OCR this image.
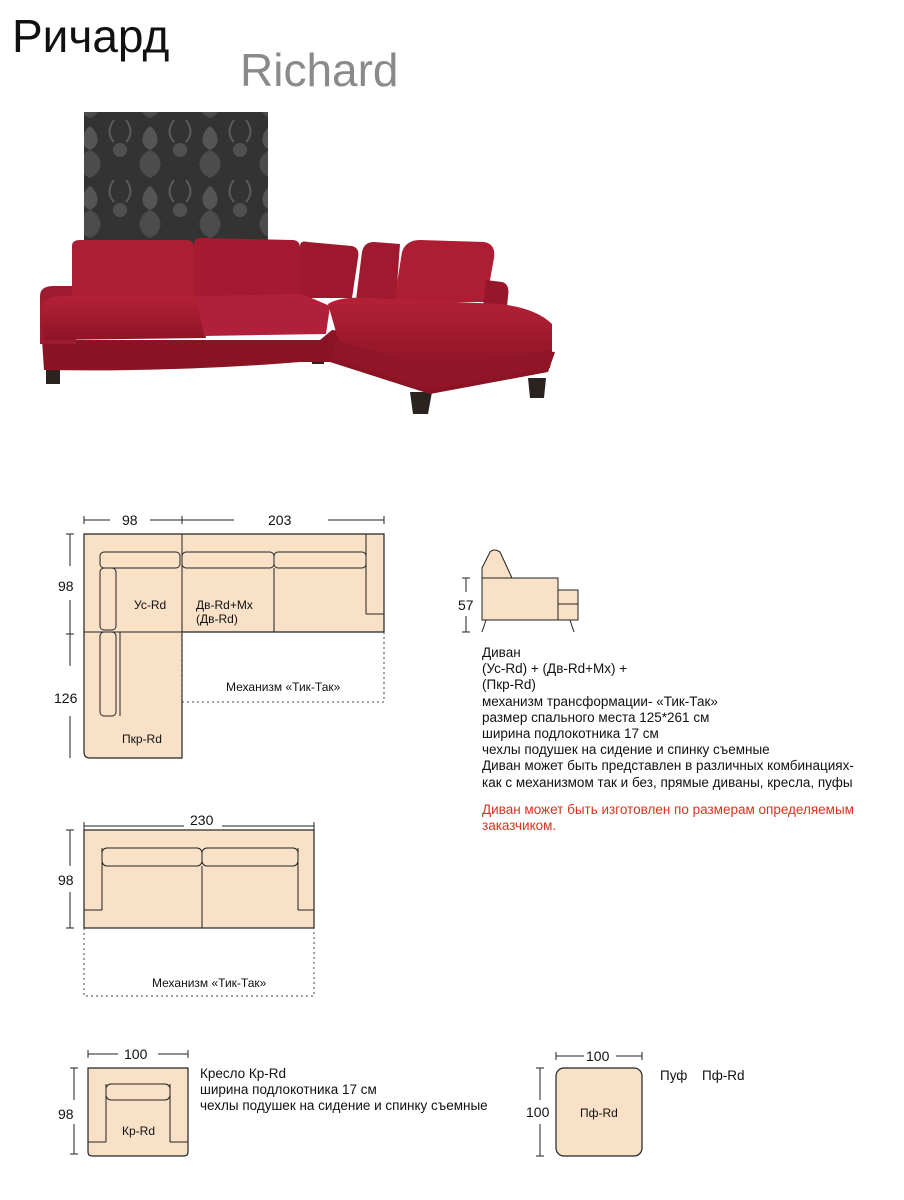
Ричард
Richard
98	203
98
126
Ус-Rd Дв-Rd+Мх
(Дв-Rd)
Пкр-Rd
Механизм «Тик-Так»
57
Диван
(Ус-Rd) + (Дв-Rd+Мх) +
(Пкр-Rd)
механизм трансформации- «Тик-Так»
размер спального места 125*261 см
ширина подлокотника 17 см
чехлы подушек на сидение и спинку съемные
Диван может быть представлен в различных комбинациях-
как с механизмом так и без, прямые диваны, кресла, пуфы
Диван может быть изготовлен по размерам определяемым
заказчиком.
230
98
Механизм «Тик-Так»
100
98
Кр-Rd
Кресло Кр-Rd
ширина подлокотника 17 см
чехлы подушек на сидение и спинку съемные
100
100	Пф-Rd
Пуф Пф-Rd
